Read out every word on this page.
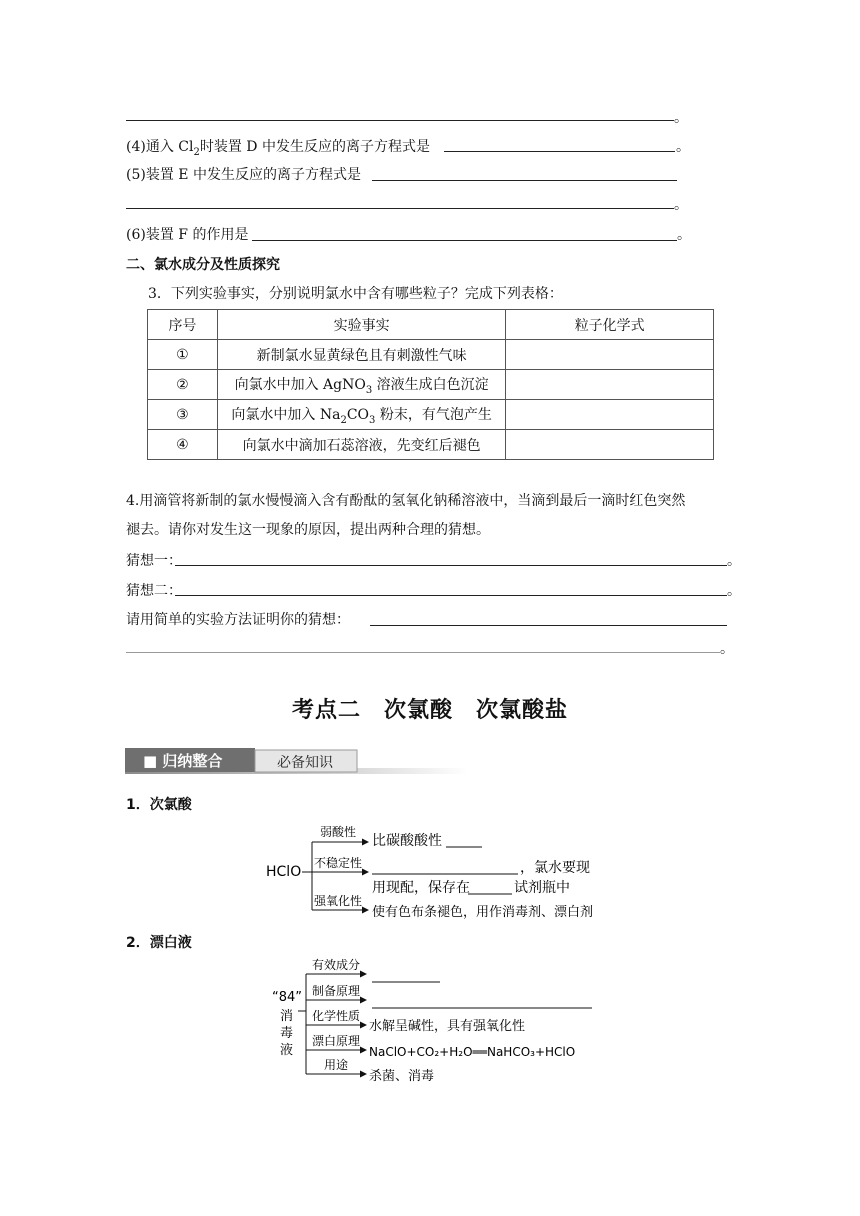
。
(4)通入 $Cl_2$时装置 D 中发生反应的离子方程式是	。
(5)装置 E 中发生反应的离子方程式是
。
(6)装置 F 的作用是	。
二、氯水成分及性质探究
3．下列实验事实，分别说明氯水中含有哪些粒子？完成下列表格：
序号	实验事实	粒子化学式
①	新制氯水显黄绿色且有刺激性气味	
②	向氯水中加入 AgNO$_3$ 溶液生成白色沉淀	
③	向氯水中加入 $Na_2CO_3$ 粉末，有气泡产生	
④	向氯水中滴加石蕊溶液，先变红后褪色	
4.用滴管将新制的氯水慢慢滴入含有酚酞的氢氧化钠稀溶液中，当滴到最后一滴时红色突然
褪去。请你对发生这一现象的原因，提出两种合理的猜想。
猜想一：	。
猜想二：	。
请用简单的实验方法证明你的猜想：
。
考点二　次氯酸　次氯酸盐
■ 归纳整合	必备知识
1．次氯酸
HClO
弱酸性
比碳酸酸性
不稳定性	，氯水要现
用现配，保存在	试剂瓶中
强氧化性
使有色布条褪色，用作消毒剂、漂白剂
2．漂白液
“84”
消
毒
液
有效成分
制备原理
化学性质
水解呈碱性，具有强氧化性
漂白原理
NaClO+CO₂+H₂O══NaHCO₃+HClO
用途
杀菌、消毒
